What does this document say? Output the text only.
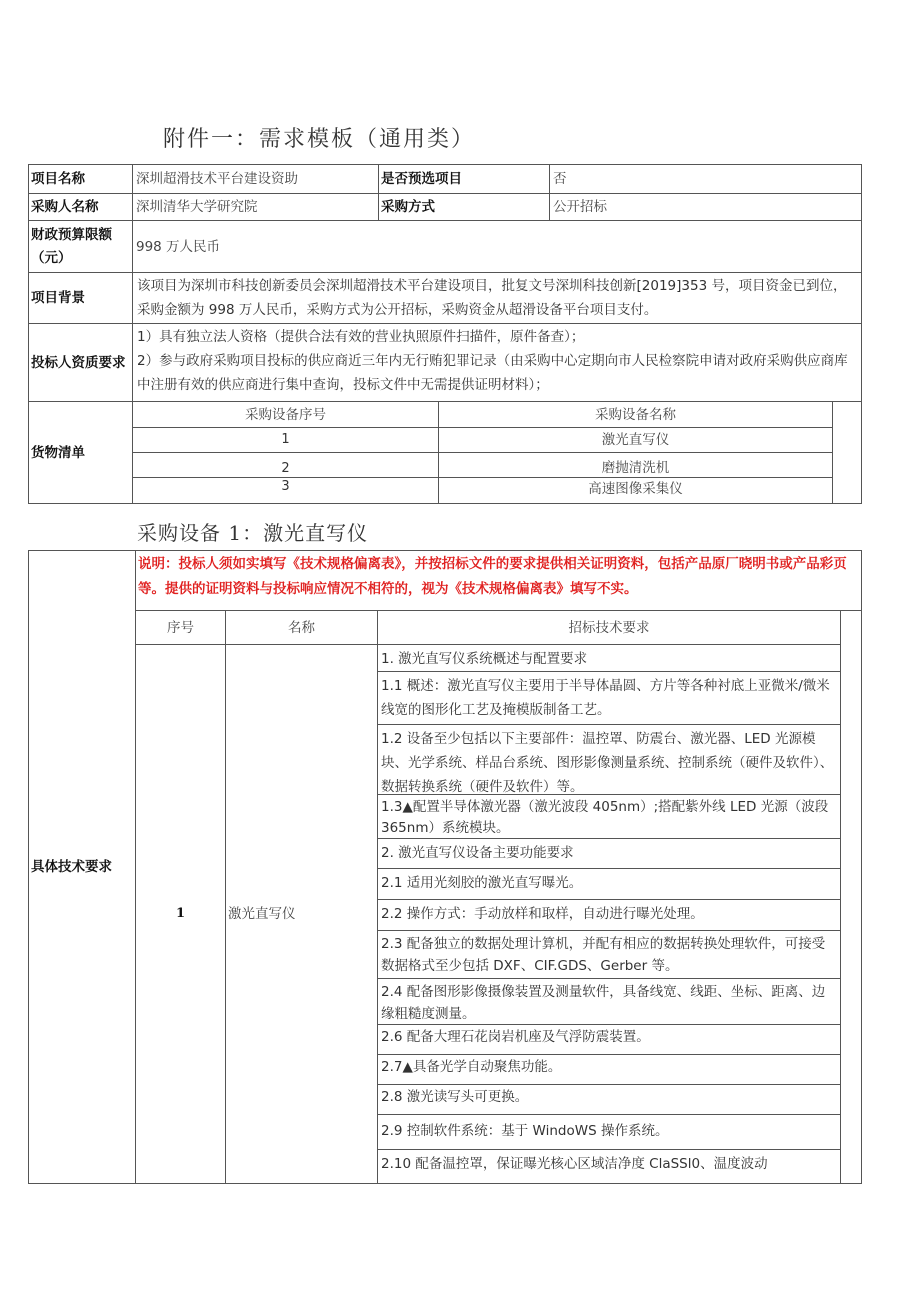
附件一：需求模板（通用类）
项目名称	深圳超滑技术平台建设资助	是否预选项目	否
采购人名称	深圳清华大学研究院	采购方式	公开招标
财政预算限额（元）
998 万人民币
项目背景
该项目为深圳市科技创新委员会深圳超滑技术平台建设项目，批复文号深圳科技创新[2019]353 号，项目资金已到位，采购金额为 998 万人民币，采购方式为公开招标，采购资金从超滑设备平台项目支付。
投标人资质要求
1）具有独立法人资格（提供合法有效的营业执照原件扫描件，原件备查）；
2）参与政府采购项目投标的供应商近三年内无行贿犯罪记录（由采购中心定期向市人民检察院申请对政府采购供应商库中注册有效的供应商进行集中查询，投标文件中无需提供证明材料）；
货物清单
采购设备序号	采购设备名称
1	激光直写仪
2	磨抛清洗机
3	高速图像采集仪
采购设备 1：激光直写仪
具体技术要求
说明：投标人须如实填写《技术规格偏离表》，并按招标文件的要求提供相关证明资料，包括产品原厂晓明书或产品彩页等。提供的证明资料与投标响应情况不相符的，视为《技术规格偏离表》填写不实。
序号	名称	招标技术要求
1	激光直写仪
1. 激光直写仪系统概述与配置要求
1.1 概述：激光直写仪主要用于半导体晶圆、方片等各种衬底上亚微米/微米线宽的图形化工艺及掩模版制备工艺。
1.2 设备至少包括以下主要部件：温控罩、防震台、激光器、LED 光源模块、光学系统、样品台系统、图形影像测量系统、控制系统（硬件及软件）、数据转换系统（硬件及软件）等。
1.3▲配置半导体激光器（激光波段 405nm）;搭配紫外线 LED 光源（波段 365nm）系统模块。
2. 激光直写仪设备主要功能要求
2.1 适用光刻胶的激光直写曝光。
2.2 操作方式：手动放样和取样，自动进行曝光处理。
2.3 配备独立的数据处理计算机，并配有相应的数据转换处理软件，可接受数据格式至少包括 DXF、CIF.GDS、Gerber 等。
2.4 配备图形影像摄像装置及测量软件，具备线宽、线距、坐标、距离、边缘粗糙度测量。
2.6 配备大理石花岗岩机座及气浮防震装置。
2.7▲具备光学自动聚焦功能。
2.8 激光读写头可更换。
2.9 控制软件系统：基于 WindoWS 操作系统。
2.10 配备温控罩，保证曝光核心区域洁净度 ClaSSl0、温度波动
